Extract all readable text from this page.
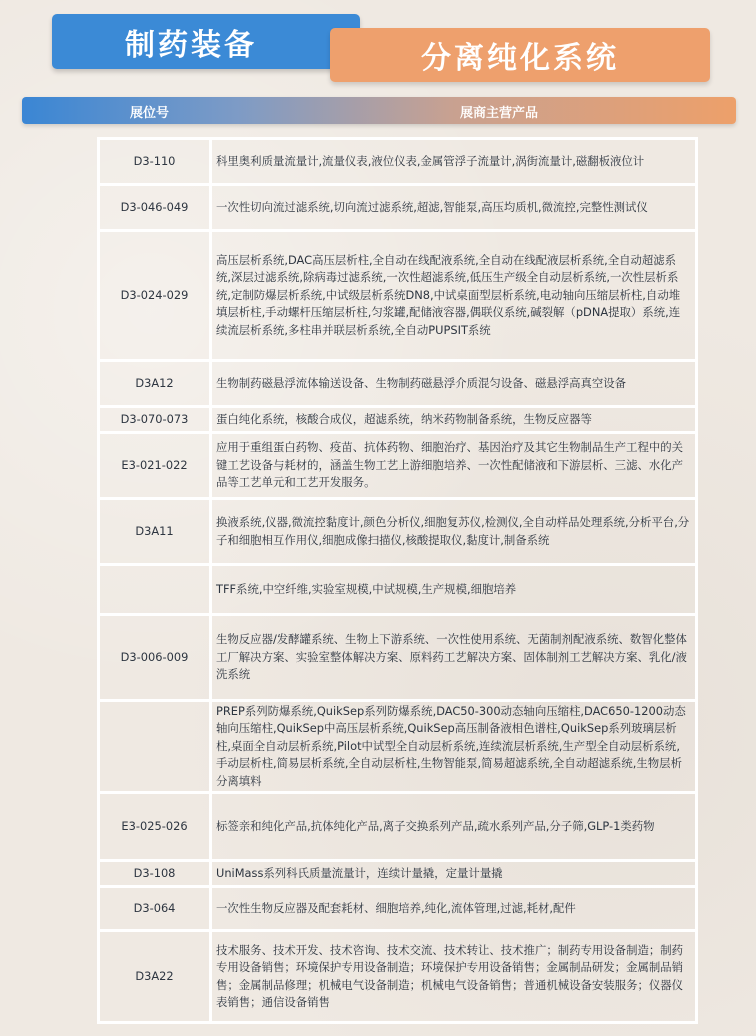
制药装备	分离纯化系统
展位号	展商主营产品
D3-110	科里奥利质量流量计,流量仪表,液位仪表,金属管浮子流量计,涡街流量计,磁翻板液位计
D3-046-049	一次性切向流过滤系统,切向流过滤系统,超滤,智能泵,高压均质机,微流控,完整性测试仪
D3-024-029	高压层析系统,DAC高压层析柱,全自动在线配液系统,全自动在线配液层析系统,全自动超滤系统,深层过滤系统,除病毒过滤系统,一次性超滤系统,低压生产级全自动层析系统,一次性层析系统,定制防爆层析系统,中试级层析系统DN8,中试桌面型层析系统,电动轴向压缩层析柱,自动堆填层析柱,手动螺杆压缩层析柱,匀浆罐,配储液容器,偶联仪系统,碱裂解（pDNA提取）系统,连续流层析系统,多柱串并联层析系统,全自动PUPSIT系统
D3A12	生物制药磁悬浮流体输送设备、生物制药磁悬浮介质混匀设备、磁悬浮高真空设备
D3-070-073	蛋白纯化系统，核酸合成仪，超滤系统，纳米药物制备系统，生物反应器等
E3-021-022	应用于重组蛋白药物、疫苗、抗体药物、细胞治疗、基因治疗及其它生物制品生产工程中的关键工艺设备与耗材的，涵盖生物工艺上游细胞培养、一次性配储液和下游层析、三滤、水化产品等工艺单元和工艺开发服务。
D3A11	换液系统,仪器,微流控黏度计,颜色分析仪,细胞复苏仪,检测仪,全自动样品处理系统,分析平台,分子和细胞相互作用仪,细胞成像扫描仪,核酸提取仪,黏度计,制备系统
	TFF系统,中空纤维,实验室规模,中试规模,生产规模,细胞培养
D3-006-009	生物反应器/发酵罐系统、生物上下游系统、一次性使用系统、无菌制剂配液系统、数智化整体工厂解决方案、实验室整体解决方案、原料药工艺解决方案、固体制剂工艺解决方案、乳化/液洗系统
	PREP系列防爆系统,QuikSep系列防爆系统,DAC50-300动态轴向压缩柱,DAC650-1200动态轴向压缩柱,QuikSep中高压层析系统,QuikSep高压制备液相色谱柱,QuikSep系列玻璃层析柱,桌面全自动层析系统,Pilot中试型全自动层析系统,连续流层析系统,生产型全自动层析系统,手动层析柱,简易层析系统,全自动层析柱,生物智能泵,简易超滤系统,全自动超滤系统,生物层析分离填料
E3-025-026	标签亲和纯化产品,抗体纯化产品,离子交换系列产品,疏水系列产品,分子筛,GLP-1类药物
D3-108	UniMass系列科氏质量流量计，连续计量撬，定量计量撬
D3-064	一次性生物反应器及配套耗材、细胞培养,纯化,流体管理,过滤,耗材,配件
D3A22	技术服务、技术开发、技术咨询、技术交流、技术转让、技术推广；制药专用设备制造；制药专用设备销售；环境保护专用设备制造；环境保护专用设备销售；金属制品研发；金属制品销售；金属制品修理；机械电气设备制造；机械电气设备销售；普通机械设备安装服务；仪器仪表销售；通信设备销售
